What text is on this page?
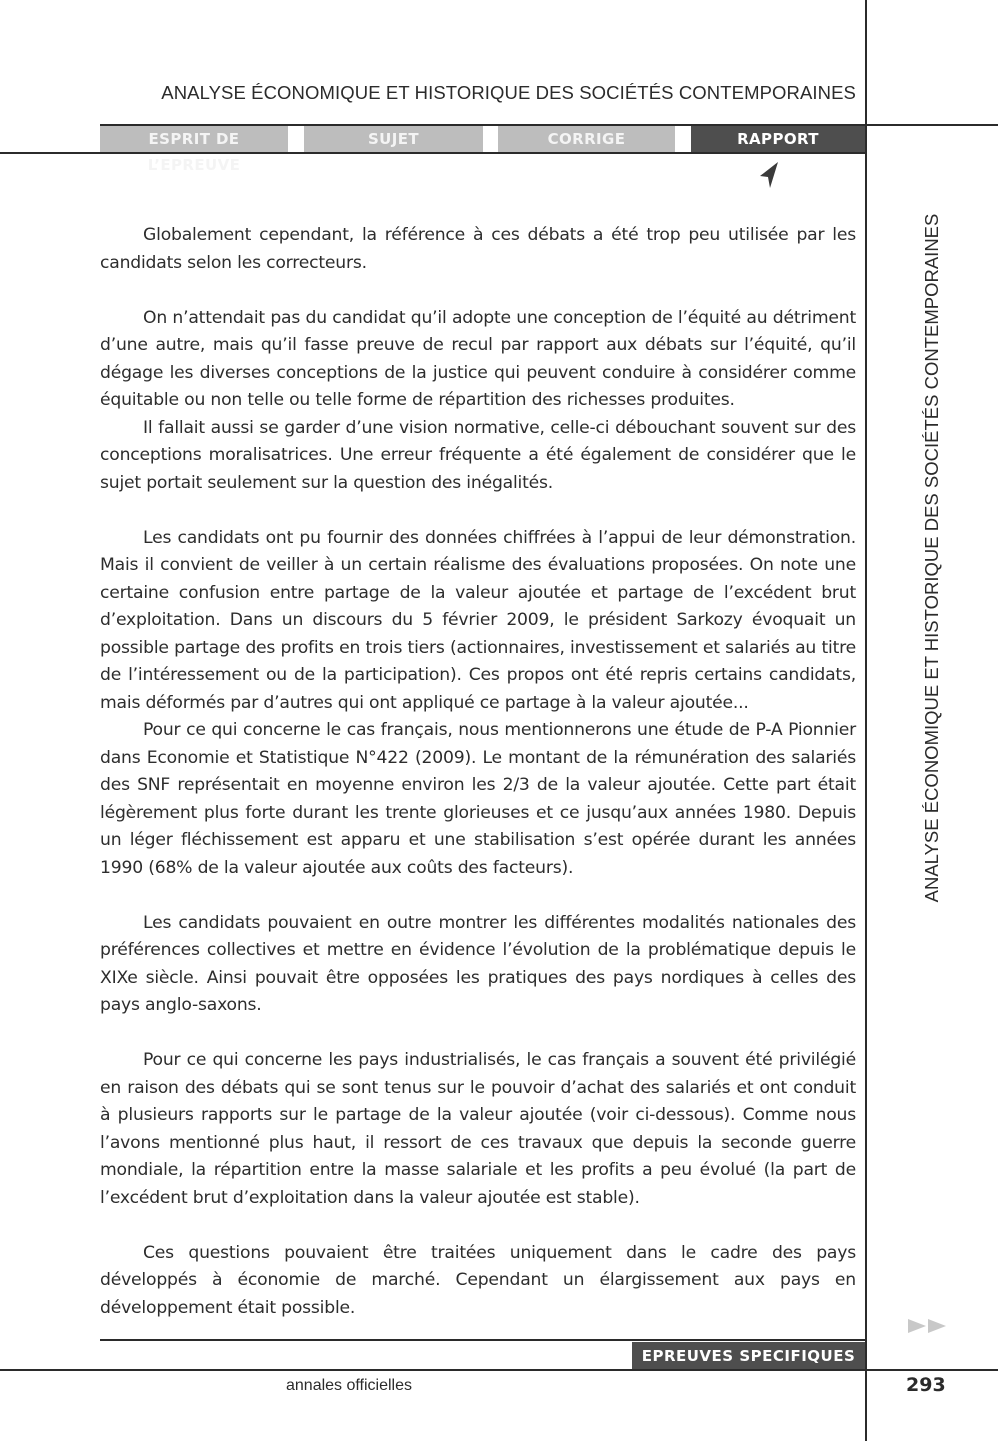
ANALYSE ÉCONOMIQUE ET HISTORIQUE DES SOCIÉTÉS CONTEMPORAINES
ESPRIT DE L’EPREUVE
SUJET	CORRIGE	RAPPORT
ANALYSE ÉCONOMIQUE ET HISTORIQUE DES SOCIÉTÉS CONTEMPORAINES

Globalement cependant, la référence à ces débats a été trop peu utilisée par les candidats selon les correcteurs.

On n’attendait pas du candidat qu’il adopte une conception de l’équité au détriment d’une autre, mais qu’il fasse preuve de recul par rapport aux débats sur l’équité, qu’il dégage les diverses conceptions de la justice qui peuvent conduire à considérer comme équitable ou non telle ou telle forme de répartition des richesses produites.

Il fallait aussi se garder d’une vision normative, celle-ci débouchant souvent sur des conceptions moralisatrices. Une erreur fréquente a été également de considérer que le sujet portait seulement sur la question des inégalités.

Les candidats ont pu fournir des données chiffrées à l’appui de leur démonstration. Mais il convient de veiller à un certain réalisme des évaluations proposées. On note une certaine confusion entre partage de la valeur ajoutée et partage de l’excédent brut d’exploitation. Dans un discours du 5 février 2009, le président Sarkozy évoquait un possible partage des profits en trois tiers (actionnaires, investissement et salariés au titre de l’intéressement ou de la participation). Ces propos ont été repris certains candidats, mais déformés par d’autres qui ont appliqué ce partage à la valeur ajoutée...

Pour ce qui concerne le cas français, nous mentionnerons une étude de P-A Pionnier dans Economie et Statistique N°422 (2009). Le montant de la rémunération des salariés des SNF représentait en moyenne environ les 2/3 de la valeur ajoutée. Cette part était légèrement plus forte durant les trente glorieuses et ce jusqu’aux années 1980. Depuis un léger fléchissement est apparu et une stabilisation s’est opérée durant les années 1990 (68% de la valeur ajoutée aux coûts des facteurs).

Les candidats pouvaient en outre montrer les différentes modalités nationales des préférences collectives et mettre en évidence l’évolution de la problématique depuis le XIXe siècle. Ainsi pouvait être opposées les pratiques des pays nordiques à celles des pays anglo-saxons.

Pour ce qui concerne les pays industrialisés, le cas français a souvent été privilégié en raison des débats qui se sont tenus sur le pouvoir d’achat des salariés et ont conduit à plusieurs rapports sur le partage de la valeur ajoutée (voir ci-dessous). Comme nous l’avons mentionné plus haut, il ressort de ces travaux que depuis la seconde guerre mondiale, la répartition entre la masse salariale et les profits a peu évolué (la part de l’excédent brut d’exploitation dans la valeur ajoutée est stable).

Ces questions pouvaient être traitées uniquement dans le cadre des pays développés à économie de marché. Cependant un élargissement aux pays en développement était possible.

EPREUVES SPECIFIQUES
annales officielles	293
